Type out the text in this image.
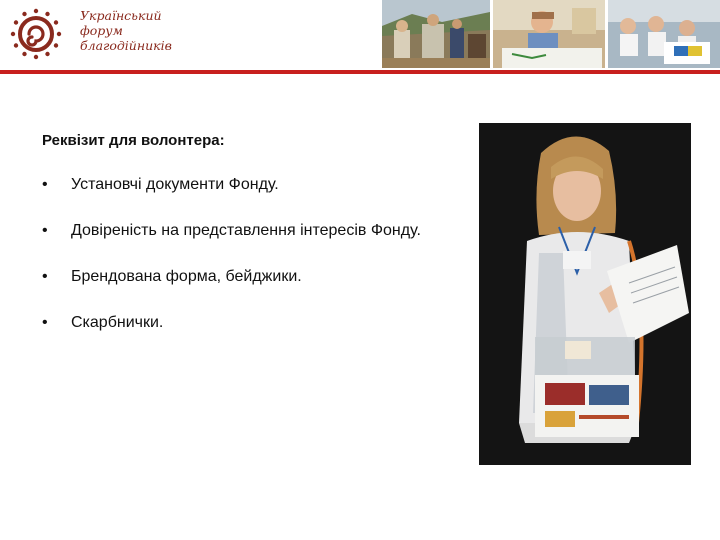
Український
форум
благодійників
Реквізит для волонтера:
• Установчі документи Фонду.
• Довіреність на представлення інтересів Фонду.
• Брендована форма, бейджики.
• Скарбнички.
